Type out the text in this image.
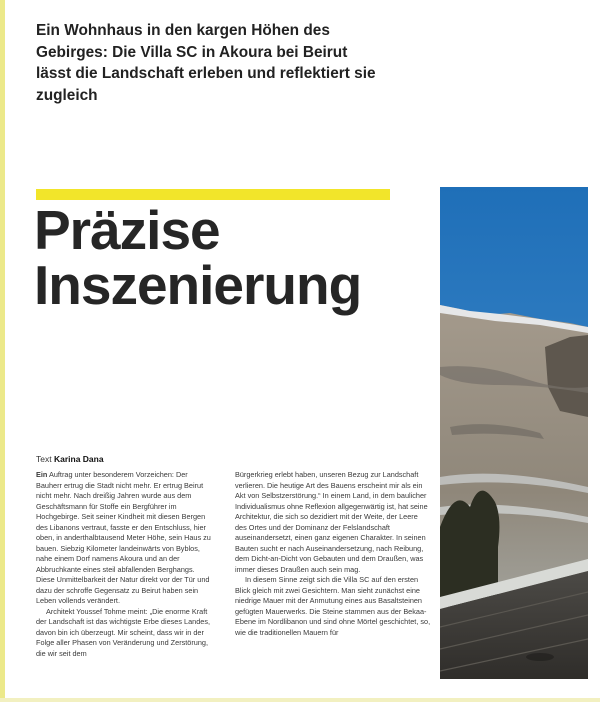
Ein Wohnhaus in den kargen Höhen des Gebirges: Die Villa SC in Akoura bei Beirut lässt die Landschaft erleben und reflektiert sie zugleich

Präzise
Inszenierung
Text Karina Dana

Ein Auftrag unter besonderem Vorzeichen: Der Bauherr ertrug die Stadt nicht mehr. Er ertrug Beirut nicht mehr. Nach dreißig Jahren wurde aus dem Geschäftsmann für Stoffe ein Bergführer im Hochgebirge. Seit seiner Kindheit mit diesen Bergen des Libanons vertraut, fasste er den Entschluss, hier oben, in anderthalbtausend Meter Höhe, sein Haus zu bauen. Siebzig Kilometer landeinwärts von Byblos, nahe einem Dorf namens Akoura und an der Abbruchkante eines steil abfallenden Berghangs. Diese Unmittelbarkeit der Natur direkt vor der Tür und dazu der schroffe Gegensatz zu Beirut haben sein Leben vollends verändert.

Architekt Youssef Tohme meint: „Die enorme Kraft der Landschaft ist das wichtigste Erbe dieses Landes, davon bin ich überzeugt. Mir scheint, dass wir in der Folge aller Phasen von Veränderung und Zerstörung, die wir seit dem

Bürgerkrieg erlebt haben, unseren Bezug zur Landschaft verlieren. Die heutige Art des Bauens erscheint mir als ein Akt von Selbstzerstörung.“ In einem Land, in dem baulicher Individualismus ohne Reflexion allgegenwärtig ist, hat seine Architektur, die sich so dezidiert mit der Weite, der Leere des Ortes und der Dominanz der Felslandschaft auseinandersetzt, einen ganz eigenen Charakter. In seinen Bauten sucht er nach Auseinandersetzung, nach Reibung, dem Dicht-an-Dicht von Gebauten und dem Draußen, was immer dieses Draußen auch sein mag.

In diesem Sinne zeigt sich die Villa SC auf den ersten Blick gleich mit zwei Gesichtern. Man sieht zunächst eine niedrige Mauer mit der Anmutung eines aus Basaltsteinen gefügten Mauerwerks. Die Steine stammen aus der Bekaa-Ebene im Nordlibanon und sind ohne Mörtel geschichtet, so, wie die traditionellen Mauern für
